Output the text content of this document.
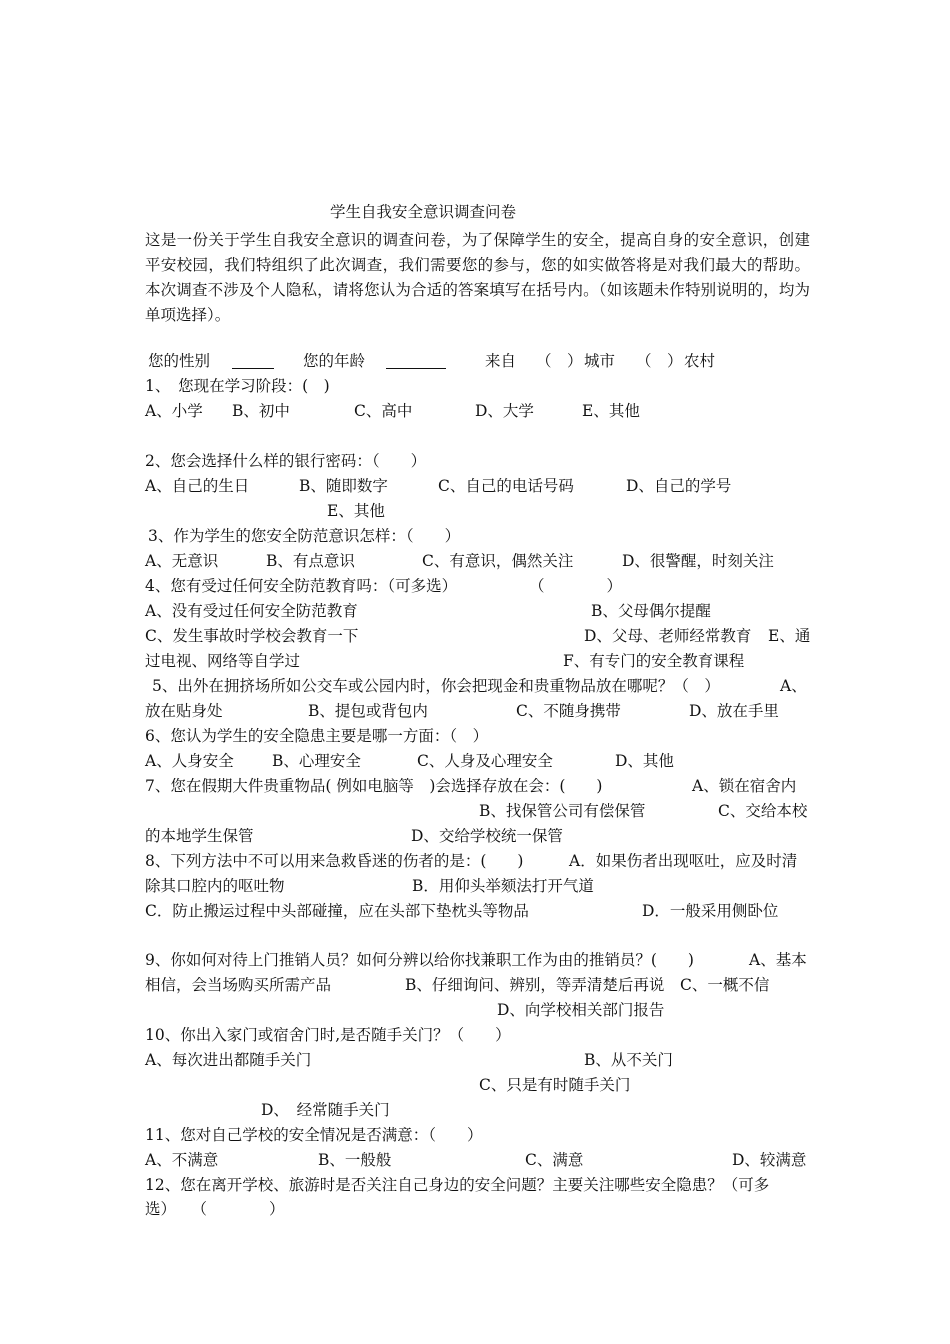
学生自我安全意识调查问卷
这是一份关于学生自我安全意识的调查问卷，为了保障学生的安全，提高自身的安全意识，创建平安校园，我们特组织了此次调查，我们需要您的参与，您的如实做答将是对我们最大的帮助。本次调查不涉及个人隐私，请将您认为合适的答案填写在括号内。（如该题未作特别说明的，均为单项选择）。
您的性别	您的年龄	来自 （　） 城市 （　） 农村
1、　您现在学习阶段：(　)
A、小学 B、初中	C、高中	D、大学	E、其他
2、您会选择什么样的银行密码：（　　）
A、自己的生日	B、随即数字	C、自己的电话号码	D、自己的学号
E、其他
3、作为学生的您安全防范意识怎样：（　　）
A、无意识	B、有点意识	C、有意识，偶然关注	D、很警醒，时刻关注
4、您有受过任何安全防范教育吗：（可多选）	（　　　　）
A、没有受过任何安全防范教育	B、父母偶尔提醒
C、发生事故时学校会教育一下	D、父母、老师经常教育 E、通
过电视、网络等自学过	F、有专门的安全教育课程
5、出外在拥挤场所如公交车或公园内时，你会把现金和贵重物品放在哪呢？（　）	A、
放在贴身处	B、提包或背包内	C、不随身携带	D、放在手里
6、您认为学生的安全隐患主要是哪一方面：（　）
A、人身安全 B、心理安全	C、人身及心理安全	D、其他
7、您在假期大件贵重物品( 例如电脑等　)会选择存放在会：(　　)	A、锁在宿舍内
B、找保管公司有偿保管	C、交给本校
的本地学生保管	D、交给学校统一保管
8、下列方法中不可以用来急救昏迷的伤者的是：(　　)	A．如果伤者出现呕吐，应及时清
除其口腔内的呕吐物	B．用仰头举颏法打开气道
C．防止搬运过程中头部碰撞，应在头部下垫枕头等物品	D．一般采用侧卧位
9、你如何对待上门推销人员？如何分辨以给你找兼职工作为由的推销员？(　　)	A、基本
相信，会当场购买所需产品	B、仔细询问、辨别，等弄清楚后再说 C、一概不信
D、向学校相关部门报告
10、你出入家门或宿舍门时,是否随手关门？（　　）
A、每次进出都随手关门	B、从不关门
C、只是有时随手关门
D、　经常随手关门
11、您对自己学校的安全情况是否满意：（　　）
A、不满意	B、一般般	C、满意	D、较满意
12、您在离开学校、旅游时是否关注自己身边的安全问题？主要关注哪些安全隐患？（可多
选）　　（　　　　）
